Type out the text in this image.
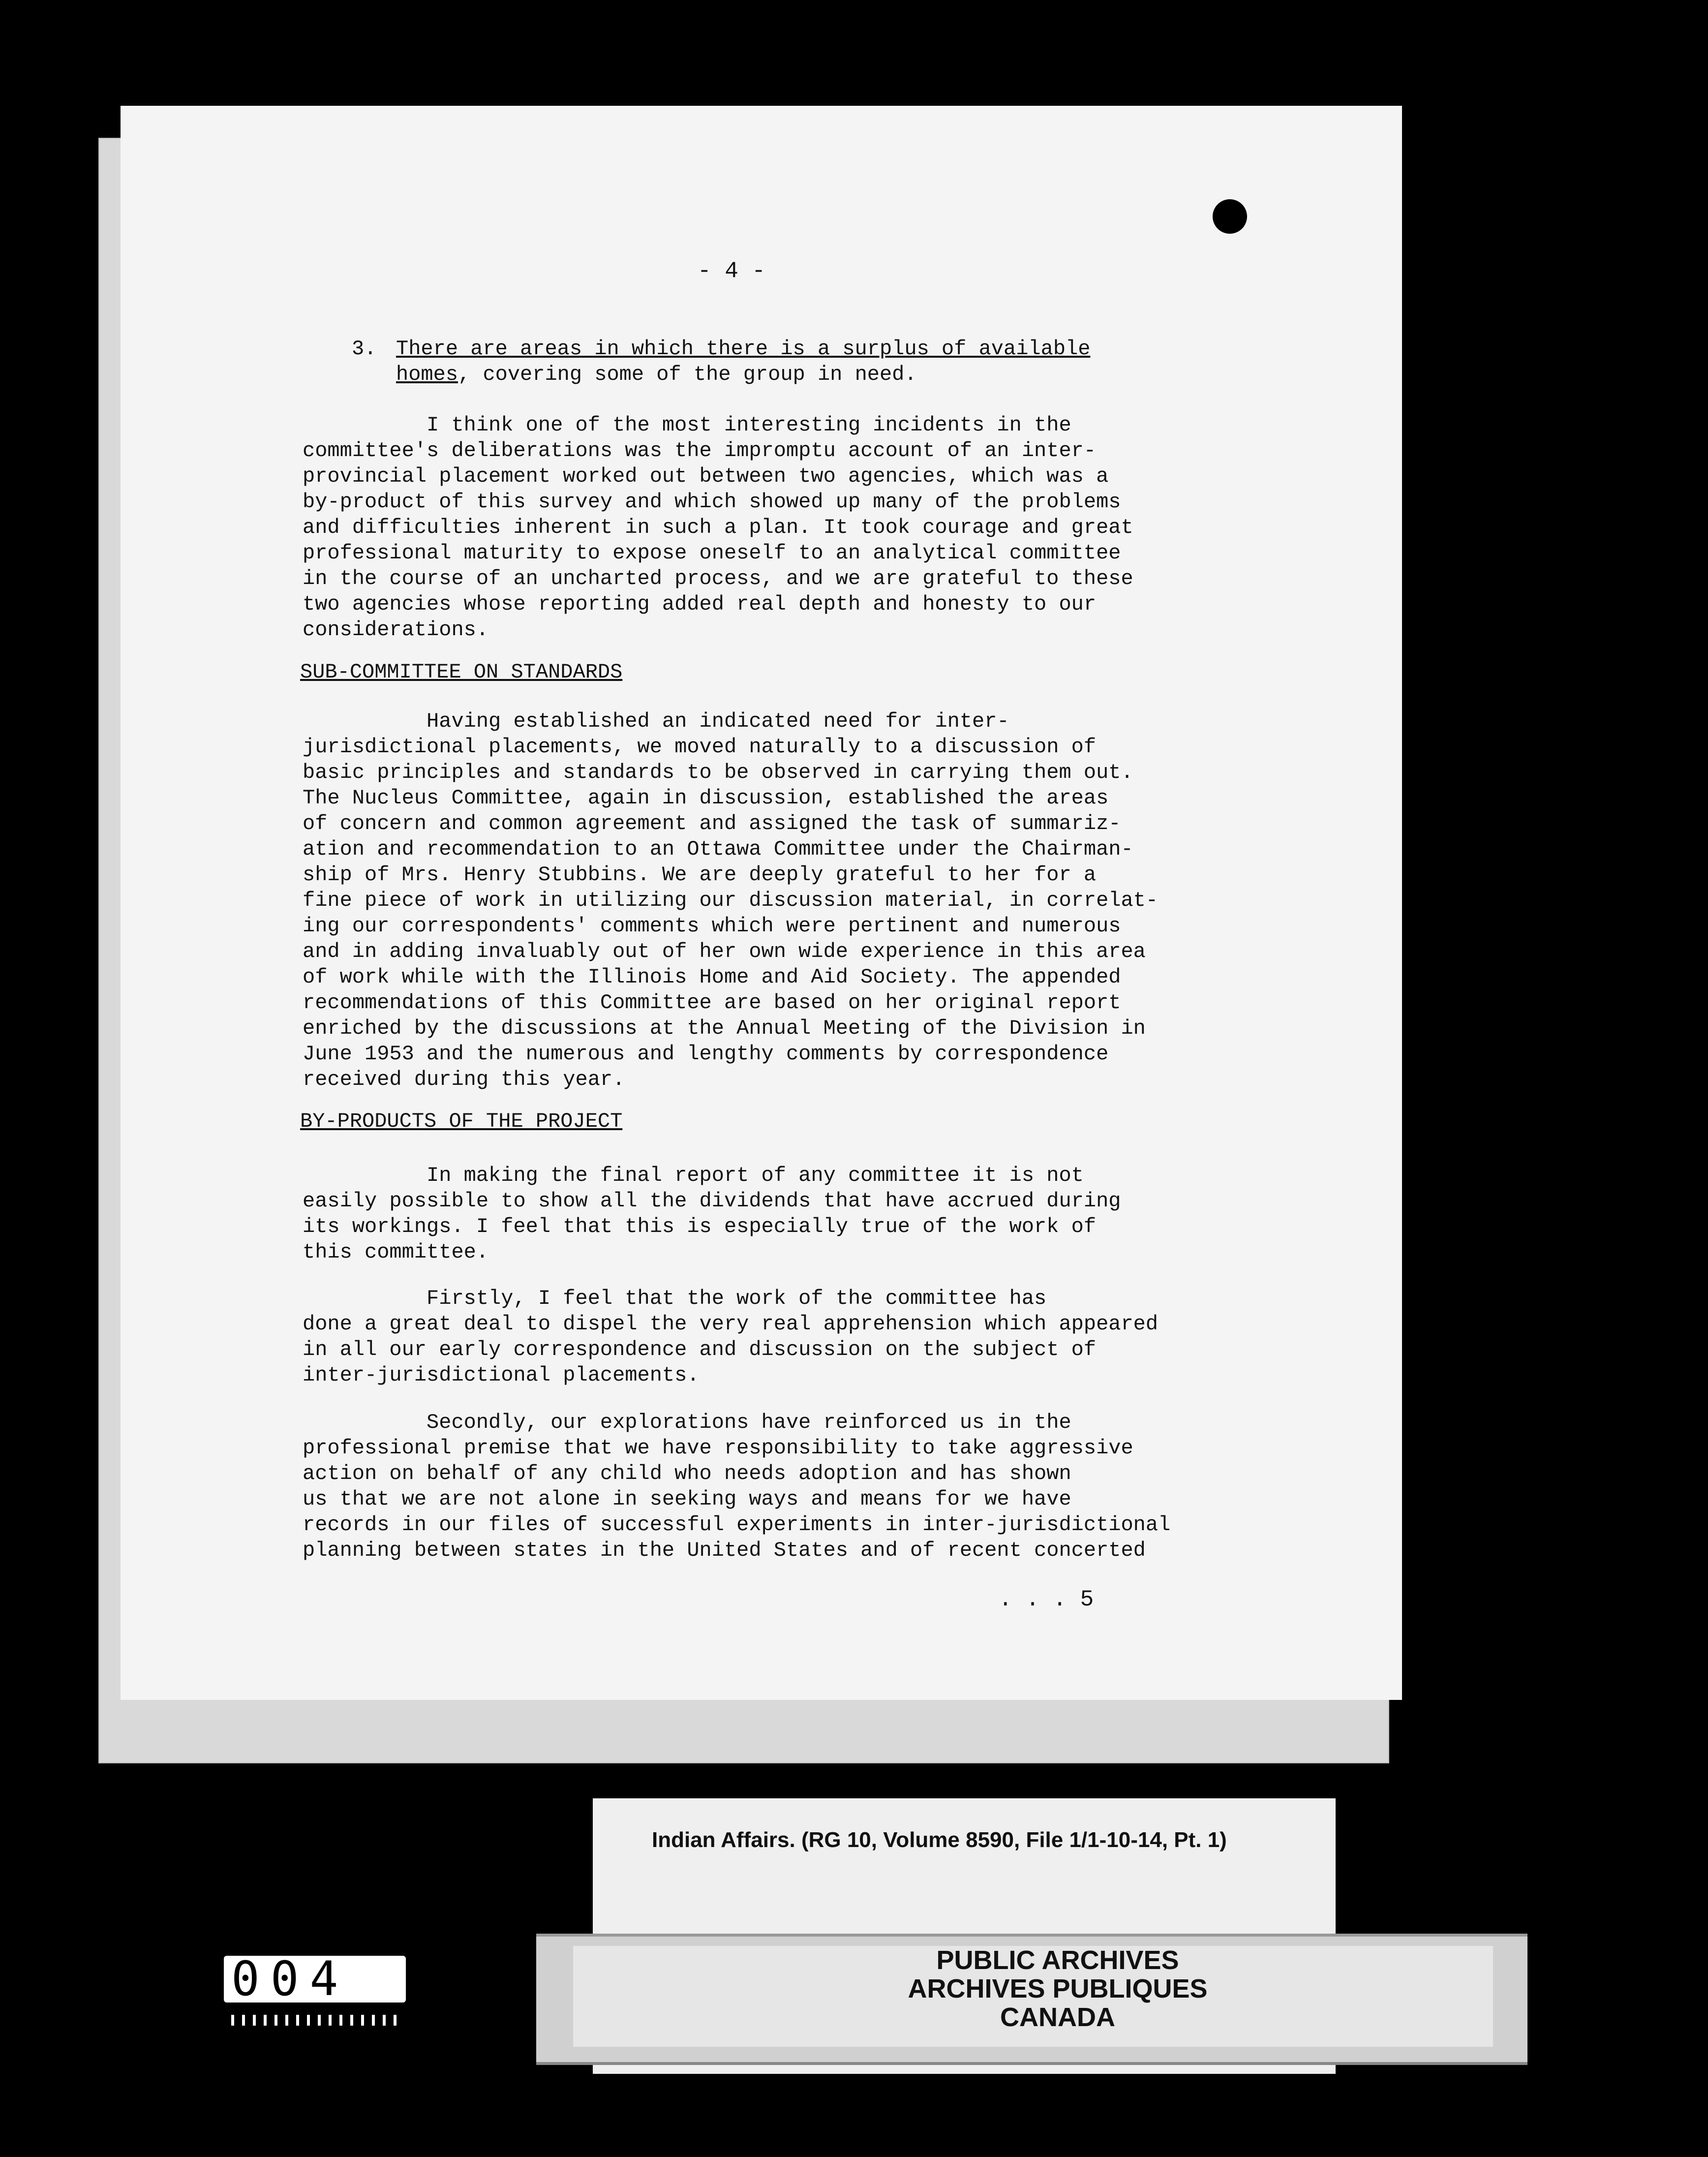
- 4 -

3.

There are areas in which there is a surplus of available

homes, covering some of the group in need.

I think one of the most interesting incidents in the

committee's deliberations was the impromptu account of an inter-

provincial placement worked out between two agencies, which was a

by-product of this survey and which showed up many of the problems

and difficulties inherent in such a plan. It took courage and great

professional maturity to expose oneself to an analytical committee

in the course of an uncharted process, and we are grateful to these

two agencies whose reporting added real depth and honesty to our

considerations.

SUB-COMMITTEE ON STANDARDS

Having established an indicated need for inter-

jurisdictional placements, we moved naturally to a discussion of

basic principles and standards to be observed in carrying them out.

The Nucleus Committee, again in discussion, established the areas

of concern and common agreement and assigned the task of summariz-

ation and recommendation to an Ottawa Committee under the Chairman-

ship of Mrs. Henry Stubbins. We are deeply grateful to her for a

fine piece of work in utilizing our discussion material, in correlat-

ing our correspondents' comments which were pertinent and numerous

and in adding invaluably out of her own wide experience in this area

of work while with the Illinois Home and Aid Society. The appended

recommendations of this Committee are based on her original report

enriched by the discussions at the Annual Meeting of the Division in

June 1953 and the numerous and lengthy comments by correspondence

received during this year.

BY-PRODUCTS OF THE PROJECT

In making the final report of any committee it is not

easily possible to show all the dividends that have accrued during

its workings. I feel that this is especially true of the work of

this committee.

Firstly, I feel that the work of the committee has

done a great deal to dispel the very real apprehension which appeared

in all our early correspondence and discussion on the subject of

inter-jurisdictional placements.

Secondly, our explorations have reinforced us in the

professional premise that we have responsibility to take aggressive

action on behalf of any child who needs adoption and has shown

us that we are not alone in seeking ways and means for we have

records in our files of successful experiments in inter-jurisdictional

planning between states in the United States and of recent concerted

. . . 5
Indian Affairs. (RG 10, Volume 8590, File 1/1-10-14, Pt. 1)
PUBLIC ARCHIVES
ARCHIVES PUBLIQUES
CANADA
004
